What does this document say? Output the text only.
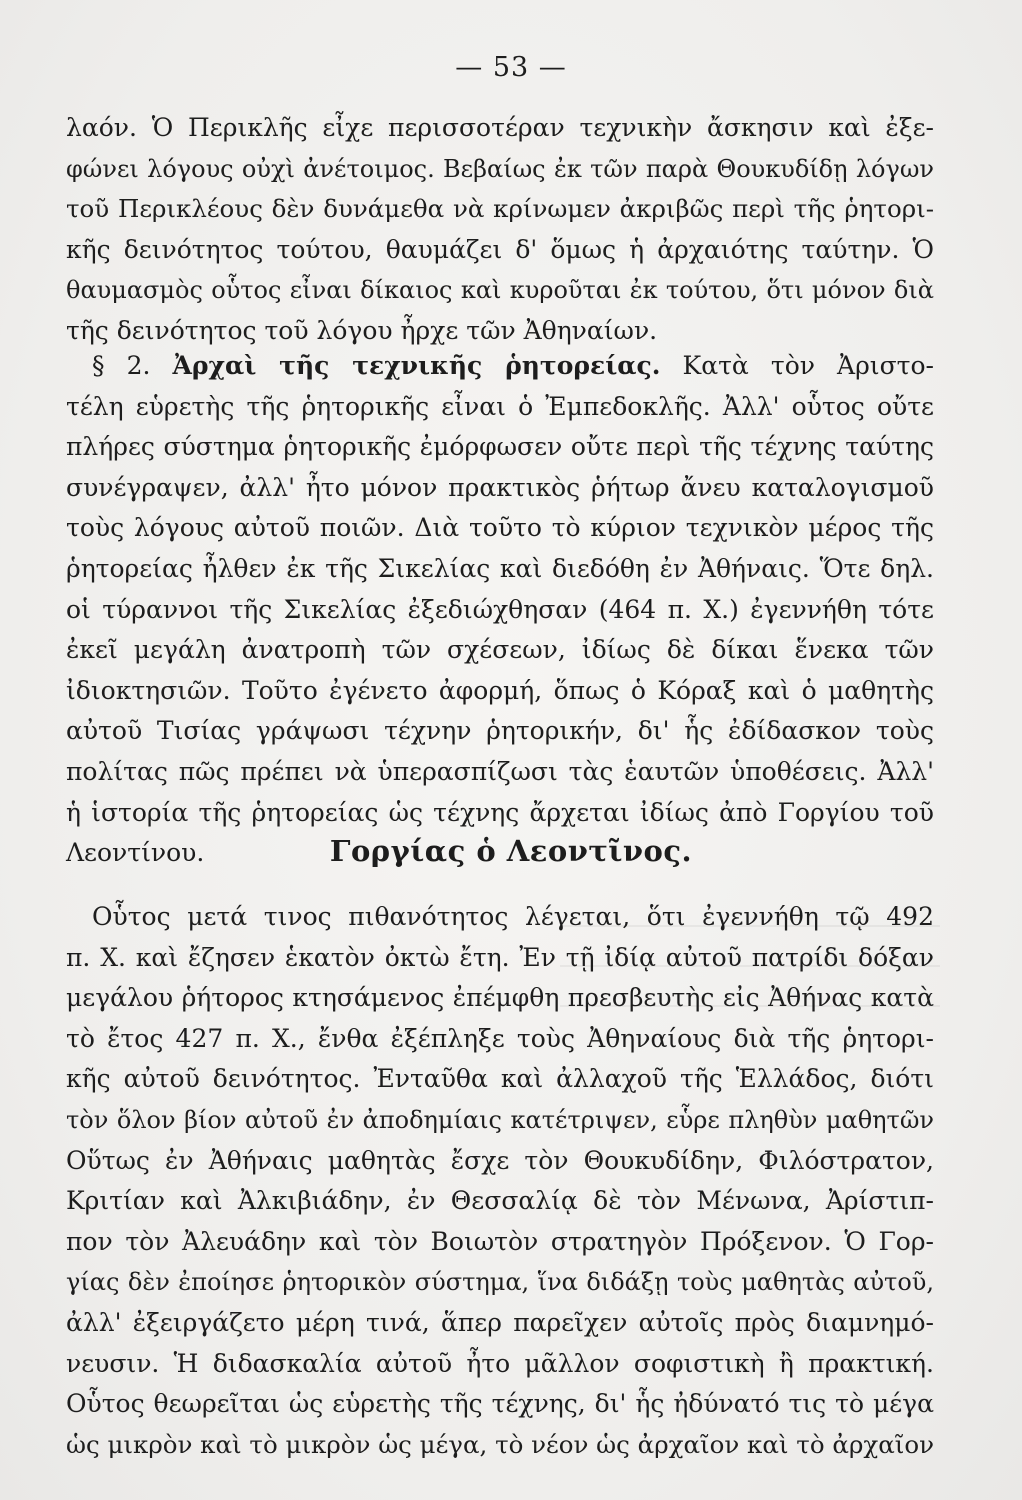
— 53 —
λαόν. Ὁ Περικλῆς εἶχε περισσοτέραν τεχνικὴν ἄσκησιν καὶ ἐξε-
φώνει λόγους οὐχὶ ἀνέτοιμος. Βεβαίως ἐκ τῶν παρὰ Θουκυδίδῃ λόγων
τοῦ Περικλέους δὲν δυνάμεθα νὰ κρίνωμεν ἀκριβῶς περὶ τῆς ῥητορι-
κῆς δεινότητος τούτου, θαυμάζει δ' ὅμως ἡ ἀρχαιότης ταύτην. Ὁ
θαυμασμὸς οὗτος εἶναι δίκαιος καὶ κυροῦται ἐκ τούτου, ὅτι μόνον διὰ
τῆς δεινότητος τοῦ λόγου ἦρχε τῶν Ἀθηναίων.
§ 2. Ἀρχαὶ τῆς τεχνικῆς ῥητορείας. Κατὰ τὸν Ἀριστο-
τέλη εὑρετὴς τῆς ῥητορικῆς εἶναι ὁ Ἐμπεδοκλῆς. Ἀλλ' οὗτος οὔτε
πλήρες σύστημα ῥητορικῆς ἐμόρφωσεν οὔτε περὶ τῆς τέχνης ταύτης
συνέγραψεν, ἀλλ' ἦτο μόνον πρακτικὸς ῥήτωρ ἄνευ καταλογισμοῦ
τοὺς λόγους αὐτοῦ ποιῶν. Διὰ τοῦτο τὸ κύριον τεχνικὸν μέρος τῆς
ῥητορείας ἦλθεν ἐκ τῆς Σικελίας καὶ διεδόθη ἐν Ἀθήναις. Ὅτε δηλ.
οἱ τύραννοι τῆς Σικελίας ἐξεδιώχθησαν (464 π. Χ.) ἐγεννήθη τότε
ἐκεῖ μεγάλη ἀνατροπὴ τῶν σχέσεων, ἰδίως δὲ δίκαι ἕνεκα τῶν
ἰδιοκτησιῶν. Τοῦτο ἐγένετο ἀφορμή, ὅπως ὁ Κόραξ καὶ ὁ μαθητὴς
αὐτοῦ Τισίας γράψωσι τέχνην ῥητορικήν, δι' ἧς ἐδίδασκον τοὺς
πολίτας πῶς πρέπει νὰ ὑπερασπίζωσι τὰς ἑαυτῶν ὑποθέσεις. Ἀλλ'
ἡ ἱστορία τῆς ῥητορείας ὡς τέχνης ἄρχεται ἰδίως ἀπὸ Γοργίου τοῦ
Λεοντίνου.	Γοργίας ὁ Λεοντῖνος.
Οὗτος μετά τινος πιθανότητος λέγεται, ὅτι ἐγεννήθη τῷ 492
π. Χ. καὶ ἔζησεν ἑκατὸν ὀκτὼ ἔτη. Ἐν τῇ ἰδίᾳ αὐτοῦ πατρίδι δόξαν
μεγάλου ῥήτορος κτησάμενος ἐπέμφθη πρεσβευτὴς εἰς Ἀθήνας κατὰ
τὸ ἔτος 427 π. Χ., ἔνθα ἐξέπληξε τοὺς Ἀθηναίους διὰ τῆς ῥητορι-
κῆς αὐτοῦ δεινότητος. Ἐνταῦθα καὶ ἀλλαχοῦ τῆς Ἑλλάδος, διότι
τὸν ὅλον βίον αὐτοῦ ἐν ἀποδημίαις κατέτριψεν, εὗρε πληθὺν μαθητῶν
Οὕτως ἐν Ἀθήναις μαθητὰς ἔσχε τὸν Θουκυδίδην, Φιλόστρατον,
Κριτίαν καὶ Ἀλκιβιάδην, ἐν Θεσσαλίᾳ δὲ τὸν Μένωνα, Ἀρίστιπ-
πον τὸν Ἀλευάδην καὶ τὸν Βοιωτὸν στρατηγὸν Πρόξενον. Ὁ Γορ-
γίας δὲν ἐποίησε ῥητορικὸν σύστημα, ἵνα διδάξῃ τοὺς μαθητὰς αὐτοῦ,
ἀλλ' ἐξειργάζετο μέρη τινά, ἅπερ παρεῖχεν αὐτοῖς πρὸς διαμνημό-
νευσιν. Ἡ διδασκαλία αὐτοῦ ἦτο μᾶλλον σοφιστικὴ ἢ πρακτική.
Οὗτος θεωρεῖται ὡς εὑρετὴς τῆς τέχνης, δι' ἧς ἠδύνατό τις τὸ μέγα
ὡς μικρὸν καὶ τὸ μικρὸν ὡς μέγα, τὸ νέον ὡς ἀρχαῖον καὶ τὸ ἀρχαῖον
